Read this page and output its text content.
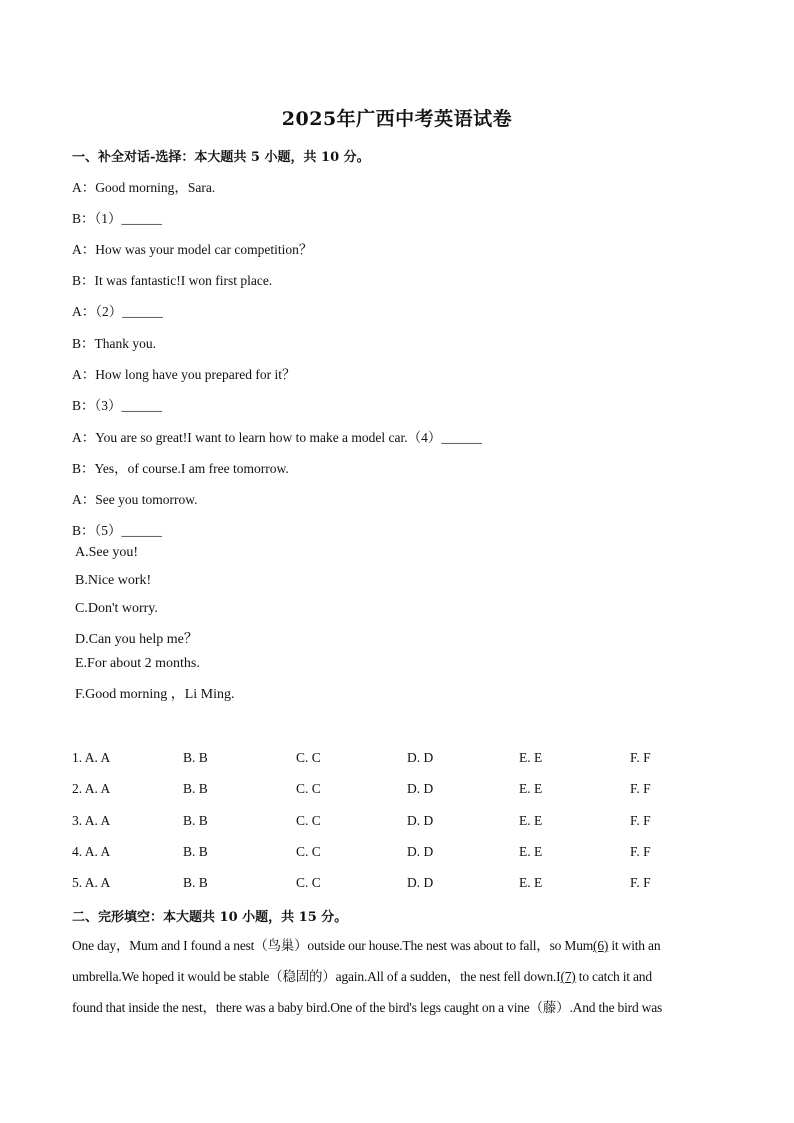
2025年广西中考英语试卷
一、补全对话-选择：本大题共 5 小题，共 10 分。
A：Good morning，Sara.
B：（1）______
A：How was your model car competition？
B：It was fantastic!I won first place.
A：（2）______
B：Thank you.
A：How long have you prepared for it？
B：（3）______
A：You are so great!I want to learn how to make a model car.（4）______
B：Yes，of course.I am free tomorrow.
A：See you tomorrow.
B：（5）______
A.See you!
B.Nice work!
C.Don't worry.
D.Can you help me？
E.For about 2 months.
F.Good morning ，Li Ming.
1. A. A	B. B	C. C	D. D	E. E	F. F
2. A. A	B. B	C. C	D. D	E. E	F. F
3. A. A	B. B	C. C	D. D	E. E	F. F
4. A. A	B. B	C. C	D. D	E. E	F. F
5. A. A	B. B	C. C	D. D	E. E	F. F
二、完形填空：本大题共 10 小题，共 15 分。

One day，Mum and I found a nest（鸟巢）outside our house.The nest was about to fall，so Mum(6) it with an

umbrella.We hoped it would be stable（稳固的）again.All of a sudden，the nest fell down.I(7) to catch it and

found that inside the nest，there was a baby bird.One of the bird's legs caught on a vine（藤）.And the bird was
